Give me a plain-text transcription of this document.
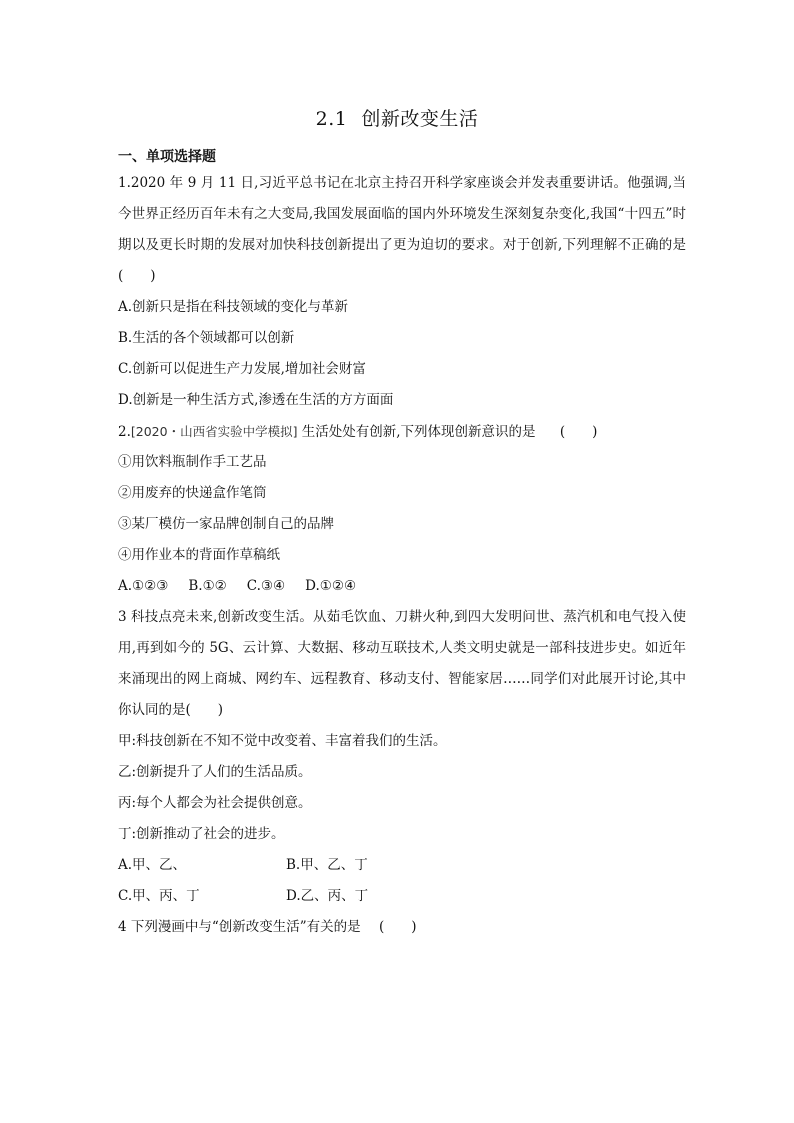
2.1 创新改变生活
一、单项选择题
1.2020 年 9 月 11 日,习近平总书记在北京主持召开科学家座谈会并发表重要讲话。他强调,当今世界正经历百年未有之大变局,我国发展面临的国内外环境发生深刻复杂变化,我国“十四五”时期以及更长时期的发展对加快科技创新提出了更为迫切的要求。对于创新,下列理解不正确的是(　　)
A.创新只是指在科技领域的变化与革新
B.生活的各个领域都可以创新
C.创新可以促进生产力发展,增加社会财富
D.创新是一种生活方式,渗透在生活的方方面面
2.[2020・山西省实验中学模拟] 生活处处有创新,下列体现创新意识的是 (　　)
①用饮料瓶制作手工艺品
②用废弃的快递盒作笔筒
③某厂模仿一家品牌创制自己的品牌
④用作业本的背面作草稿纸
A.①②③ B.①② C.③④ D.①②④
3 科技点亮未来,创新改变生活。从茹毛饮血、刀耕火种,到四大发明问世、蒸汽机和电气投入使用,再到如今的 5G、云计算、大数据、移动互联技术,人类文明史就是一部科技进步史。如近年来涌现出的网上商城、网约车、远程教育、移动支付、智能家居……同学们对此展开讨论,其中你认同的是(　　)
甲:科技创新在不知不觉中改变着、丰富着我们的生活。
乙:创新提升了人们的生活品质。
丙:每个人都会为社会提供创意。
丁:创新推动了社会的进步。
A.甲、乙、	B.甲、乙、丁
C.甲、丙、丁	D.乙、丙、丁
4 下列漫画中与“创新改变生活”有关的是 (　　)
